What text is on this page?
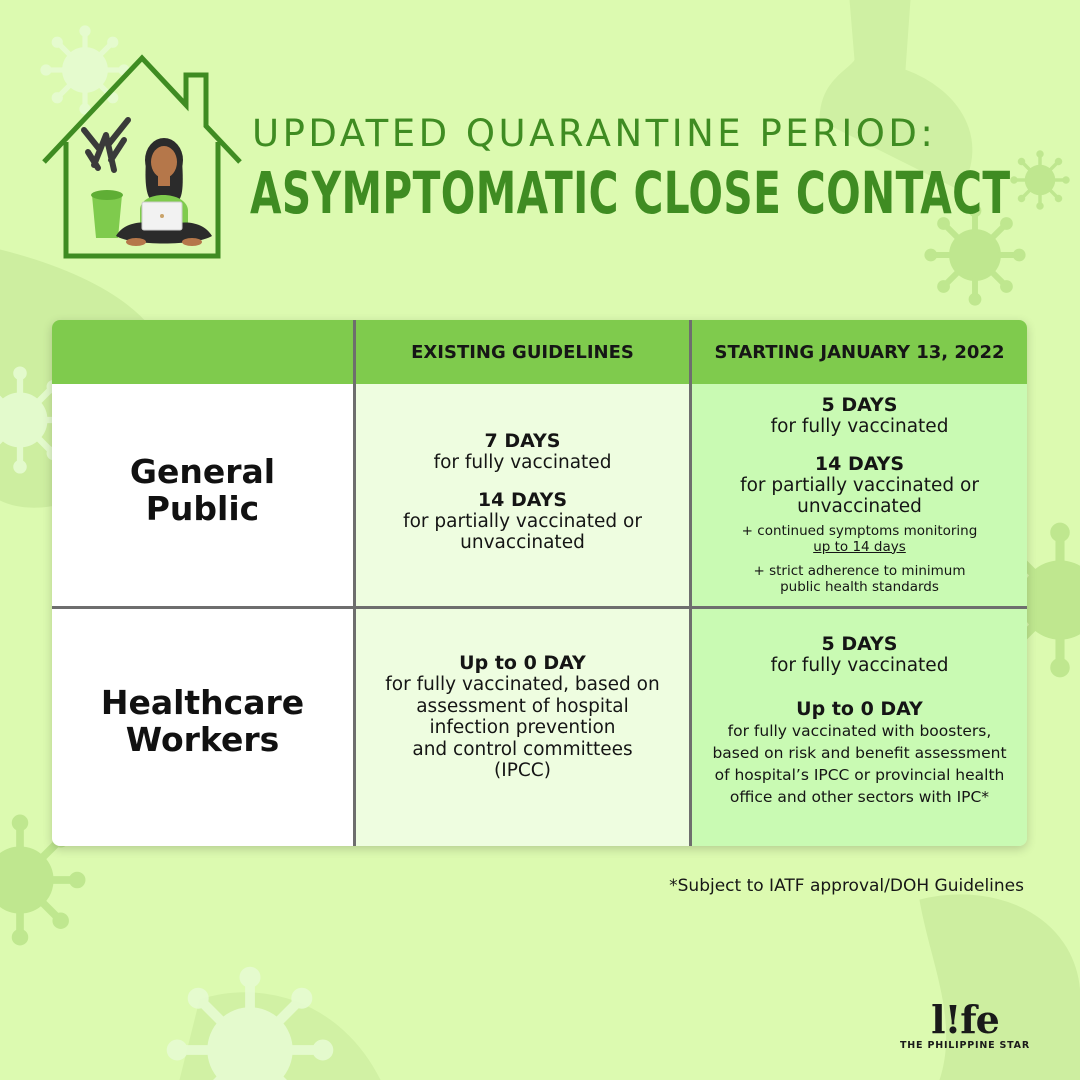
UPDATED QUARANTINE PERIOD:
ASYMPTOMATIC CLOSE CONTACT
EXISTING GUIDELINES	STARTING JANUARY 13, 2022
General
Public
Healthcare
Workers
7 DAYS
for fully vaccinated
14 DAYS
for partially vaccinated or
unvaccinated
5 DAYS
for fully vaccinated
14 DAYS
for partially vaccinated or
unvaccinated
+ continued symptoms monitoring
up to 14 days
+ strict adherence to minimum
public health standards
Up to 0 DAY
for fully vaccinated, based on
assessment of hospital
infection prevention
and control committees
(IPCC)
5 DAYS
for fully vaccinated
Up to 0 DAY
for fully vaccinated with boosters,
based on risk and benefit assessment
of hospital’s IPCC or provincial health
office and other sectors with IPC*
*Subject to IATF approval/DOH Guidelines
l!fe
THE PHILIPPINE STAR
